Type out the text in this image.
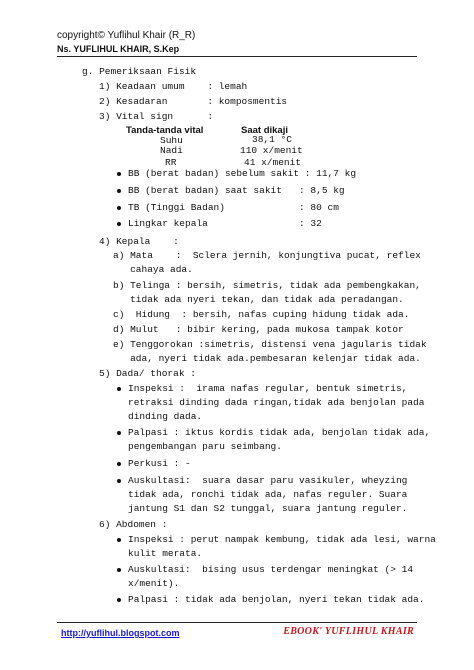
copyright© Yuflihul Khair (R_R)
Ns. YUFLIHUL KHAIR, S.Kep
g. Pemeriksaan Fisik
1) Keadaan umum    : lemah
2) Kesadaran       : komposmentis
3) Vital sign      :
Tanda-tanda vital	Saat dikaji
Suhu	38,1 °C
Nadi	110 x/menit
RR	41 x/menit
BB (berat badan) sebelum sakit : 11,7 kg
BB (berat badan) saat sakit   : 8,5 kg
TB (Tinggi Badan)             : 80 cm
Lingkar kepala                : 32
4) Kepala    :
a) Mata    :  Sclera jernih, konjungtiva pucat, reflex
cahaya ada.
b) Telinga : bersih, simetris, tidak ada pembengkakan,
tidak ada nyeri tekan, dan tidak ada peradangan.
c)  Hidung  : bersih, nafas cuping hidung tidak ada.
d) Mulut   : bibir kering, pada mukosa tampak kotor
e) Tenggorokan :simetris, distensi vena jagularis tidak
ada, nyeri tidak ada.pembesaran kelenjar tidak ada.
5) Dada/ thorak :
Inspeksi :  irama nafas regular, bentuk simetris,
retraksi dinding dada ringan,tidak ada benjolan pada
dinding dada.
Palpasi : iktus kordis tidak ada, benjolan tidak ada,
pengembangan paru seimbang.
Perkusi : -
Auskultasi:  suara dasar paru vasikuler, wheyzing
tidak ada, ronchi tidak ada, nafas reguler. Suara
jantung S1 dan S2 tunggal, suara jantung reguler.
6) Abdomen :
Inspeksi : perut nampak kembung, tidak ada lesi, warna
kulit merata.
Auskultasi:  bising usus terdengar meningkat (> 14
x/menit).
Palpasi : tidak ada benjolan, nyeri tekan tidak ada.
http://yuflihul.blogspot.com	EBOOK' YUFLIHUL KHAIR
